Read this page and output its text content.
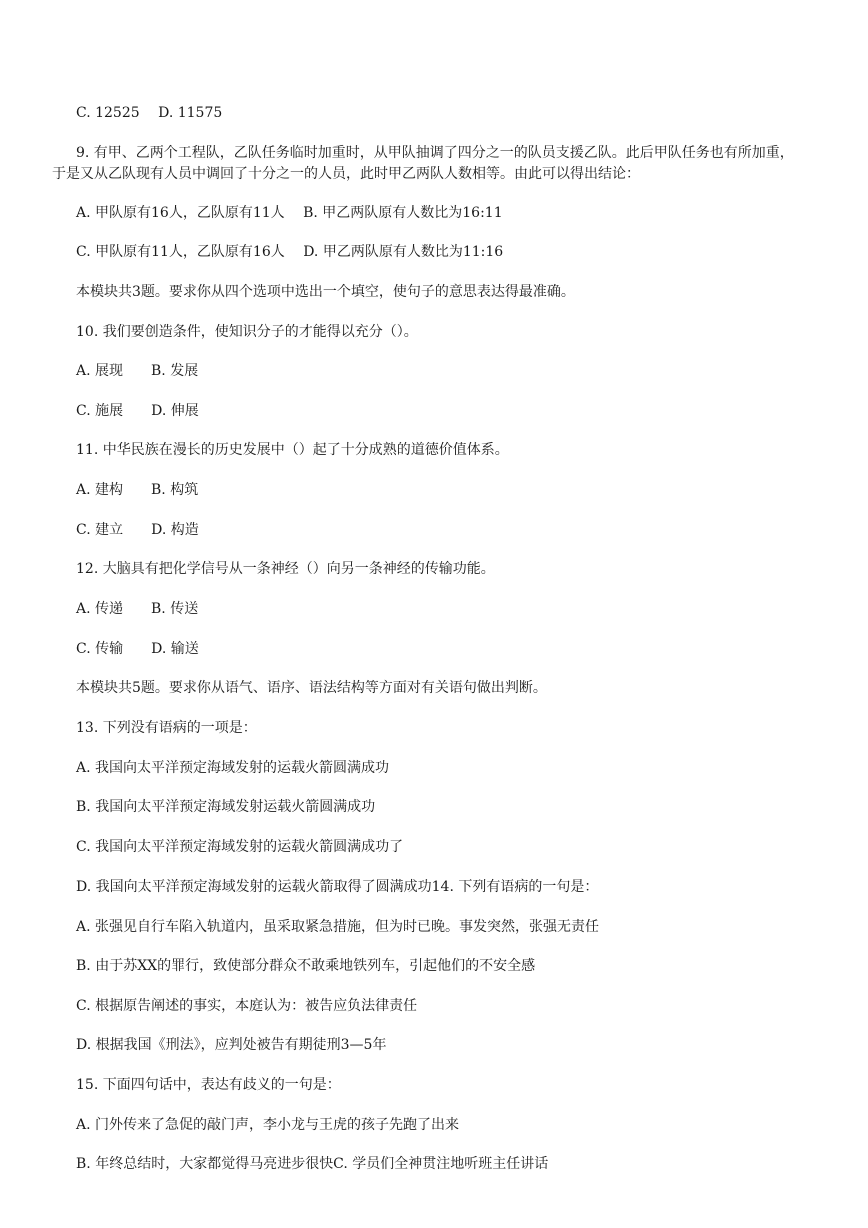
C. 12525　 D. 11575
9. 有甲、乙两个工程队，乙队任务临时加重时，从甲队抽调了四分之一的队员支援乙队。此后甲队任务也有所加重，
于是又从乙队现有人员中调回了十分之一的人员，此时甲乙两队人数相等。由此可以得出结论：
A. 甲队原有16人，乙队原有11人　 B. 甲乙两队原有人数比为16:11
C. 甲队原有11人，乙队原有16人　 D. 甲乙两队原有人数比为11:16
本模块共3题。要求你从四个选项中选出一个填空，使句子的意思表达得最准确。
10. 我们要创造条件，使知识分子的才能得以充分（）。
A. 展现　　B. 发展
C. 施展　　D. 伸展
11. 中华民族在漫长的历史发展中（）起了十分成熟的道德价值体系。
A. 建构　　B. 构筑
C. 建立　　D. 构造
12. 大脑具有把化学信号从一条神经（）向另一条神经的传输功能。
A. 传递　　B. 传送
C. 传输　　D. 输送
本模块共5题。要求你从语气、语序、语法结构等方面对有关语句做出判断。
13. 下列没有语病的一项是：
A. 我国向太平洋预定海域发射的运载火箭圆满成功
B. 我国向太平洋预定海域发射运载火箭圆满成功
C. 我国向太平洋预定海域发射的运载火箭圆满成功了
D. 我国向太平洋预定海域发射的运载火箭取得了圆满成功14. 下列有语病的一句是：
A. 张强见自行车陷入轨道内，虽采取紧急措施，但为时已晚。事发突然，张强无责任
B. 由于苏XX的罪行，致使部分群众不敢乘地铁列车，引起他们的不安全感
C. 根据原告阐述的事实，本庭认为：被告应负法律责任
D. 根据我国《刑法》，应判处被告有期徒刑3—5年
15. 下面四句话中，表达有歧义的一句是：
A. 门外传来了急促的敲门声，李小龙与王虎的孩子先跑了出来
B. 年终总结时，大家都觉得马亮进步很快C. 学员们全神贯注地听班主任讲话
